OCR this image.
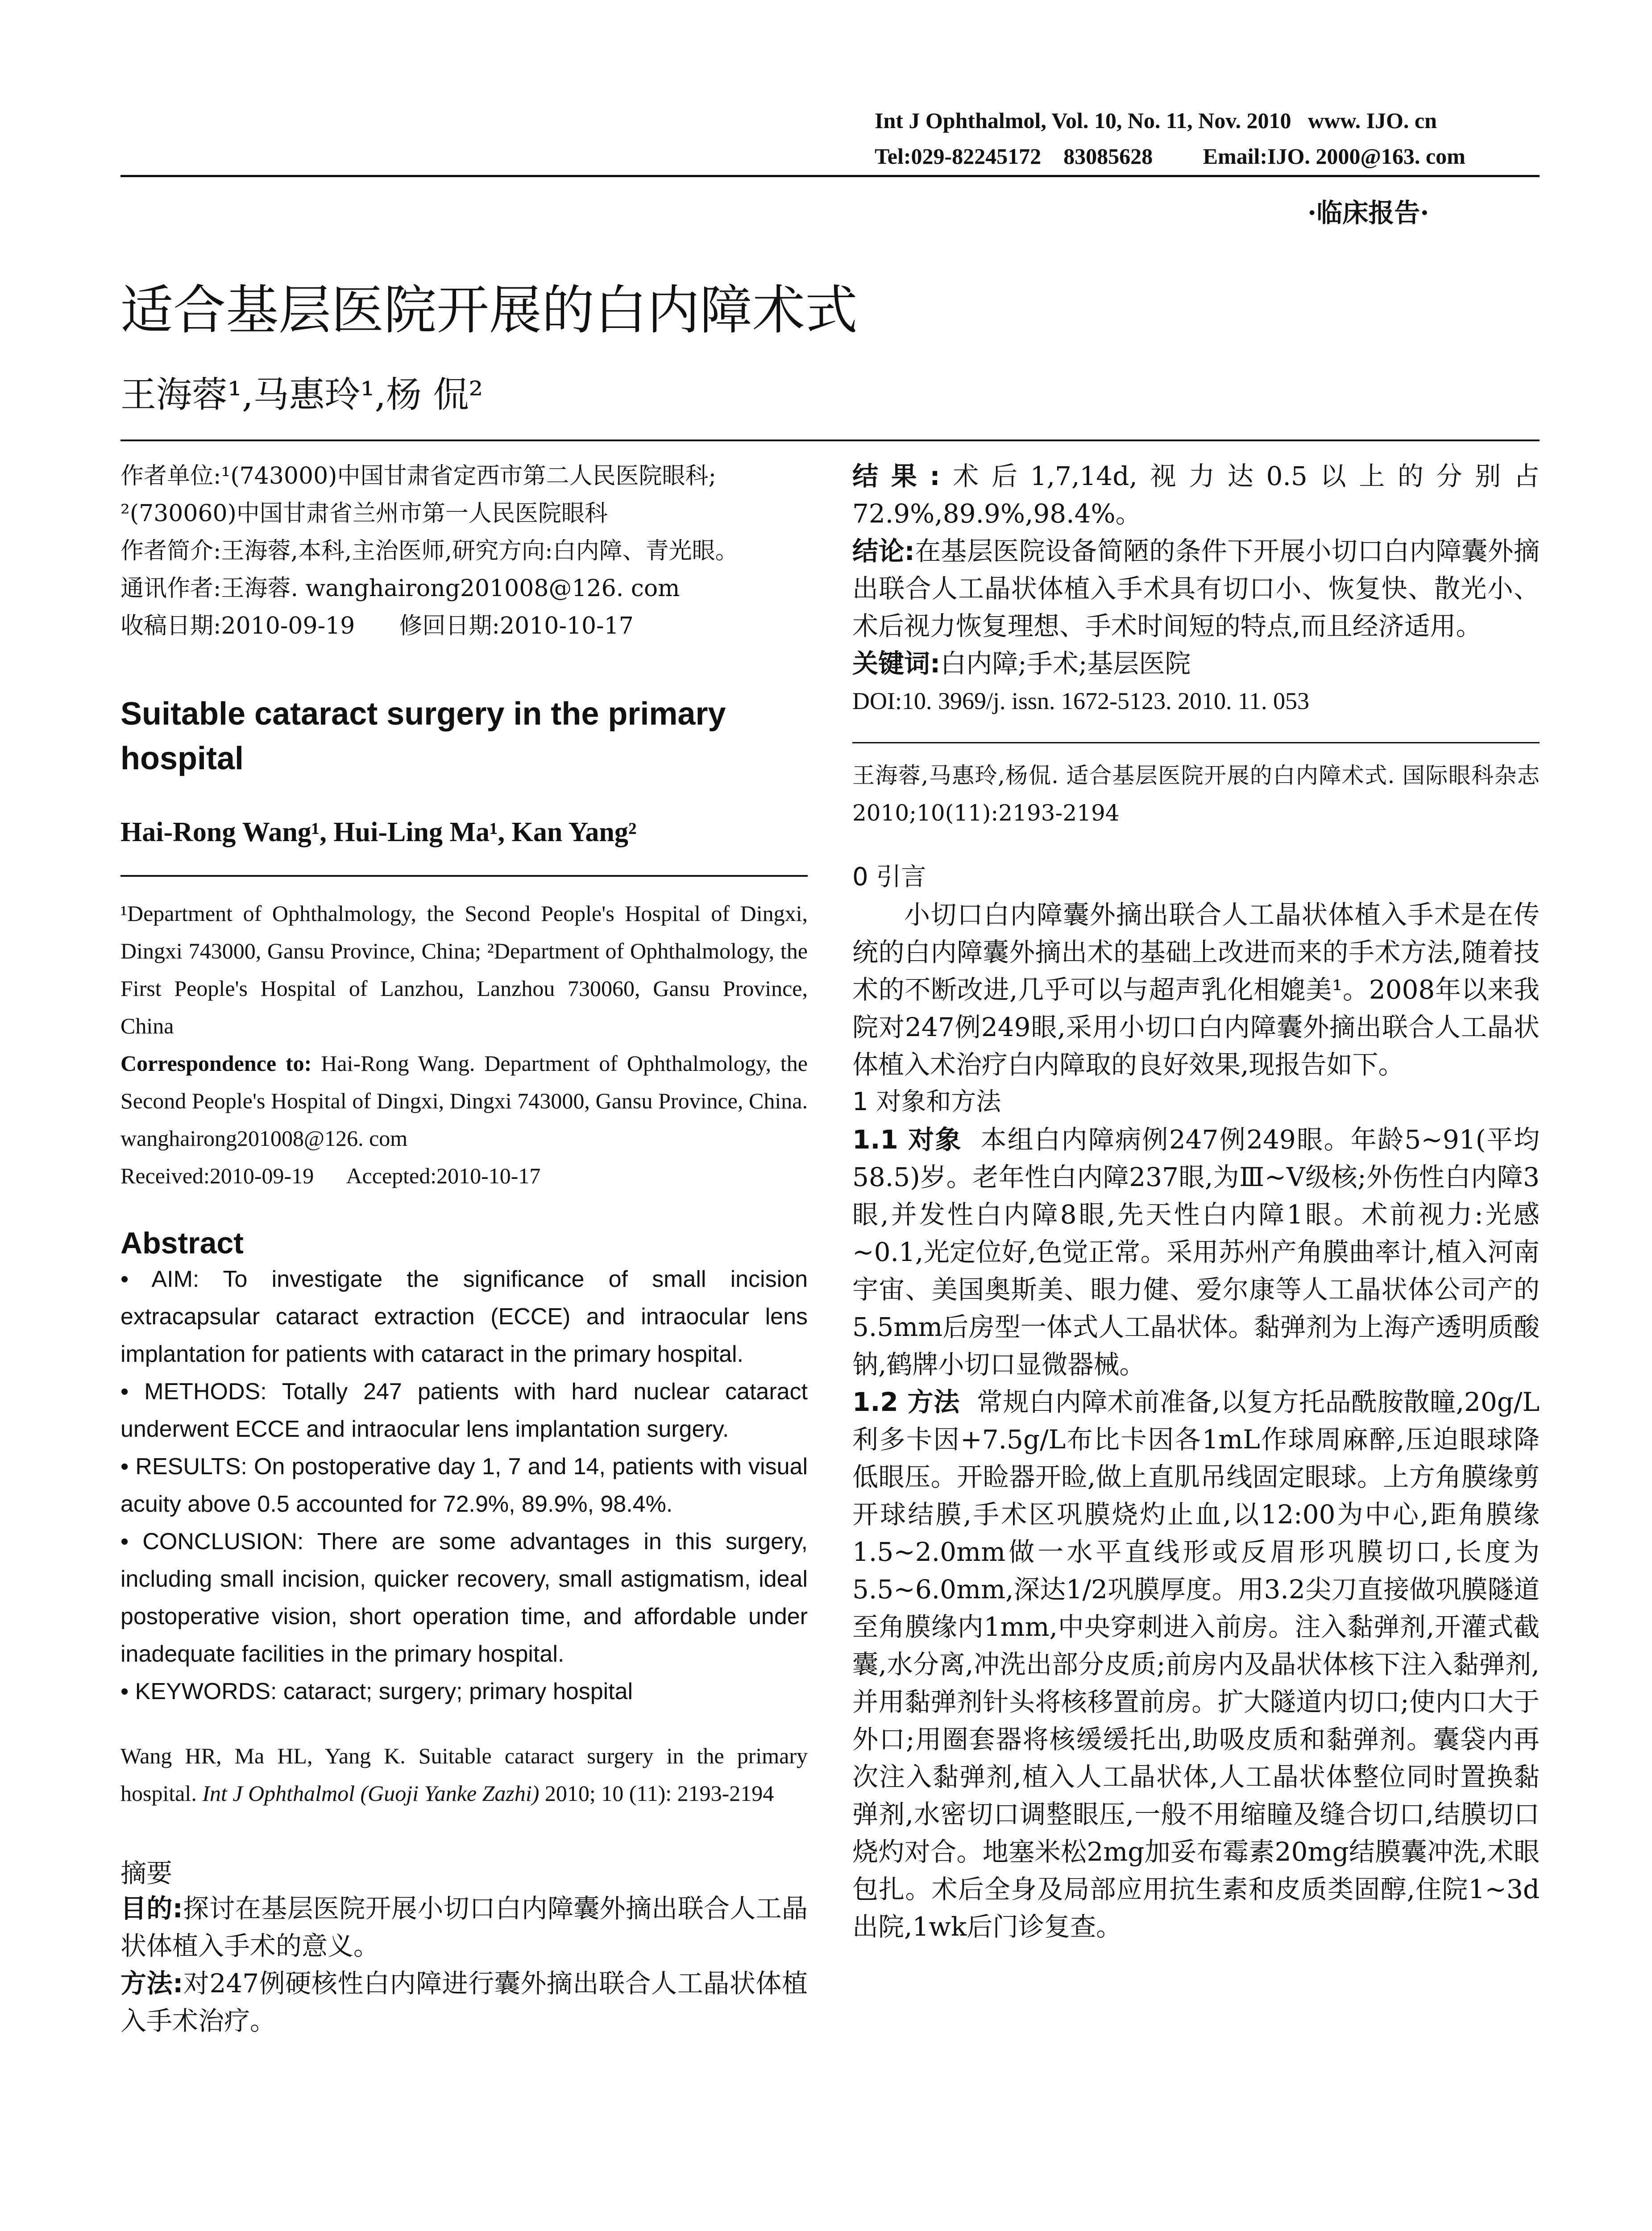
Int J Ophthalmol, Vol. 10, No. 11, Nov. 2010   www. IJO. cn
Tel:029-82245172    83085628         Email:IJO. 2000@163. com
·临床报告·
适合基层医院开展的白内障术式
王海蓉¹,马惠玲¹,杨 侃²
作者单位:¹(743000)中国甘肃省定西市第二人民医院眼科;
²(730060)中国甘肃省兰州市第一人民医院眼科
作者简介:王海蓉,本科,主治医师,研究方向:白内障、青光眼。
通讯作者:王海蓉. wanghairong201008@126. com
收稿日期:2010-09-19      修回日期:2010-10-17
Suitable cataract surgery in the primary hospital
Hai-Rong Wang¹, Hui-Ling Ma¹, Kan Yang²

¹Department of Ophthalmology, the Second People's Hospital of Dingxi, Dingxi 743000, Gansu Province, China; ²Department of Ophthalmology, the First People's Hospital of Lanzhou, Lanzhou 730060, Gansu Province, China

Correspondence to: Hai-Rong Wang. Department of Ophthalmology, the Second People's Hospital of Dingxi, Dingxi 743000, Gansu Province, China. wanghairong201008@126. com

Received:2010-09-19      Accepted:2010-10-17
Abstract

• AIM: To investigate the significance of small incision extracapsular cataract extraction (ECCE) and intraocular lens implantation for patients with cataract in the primary hospital.

• METHODS: Totally 247 patients with hard nuclear cataract underwent ECCE and intraocular lens implantation surgery.

• RESULTS: On postoperative day 1, 7 and 14, patients with visual acuity above 0.5 accounted for 72.9%, 89.9%, 98.4%.

• CONCLUSION: There are some advantages in this surgery, including small incision, quicker recovery, small astigmatism, ideal postoperative vision, short operation time, and affordable under inadequate facilities in the primary hospital.

• KEYWORDS: cataract; surgery; primary hospital

Wang HR, Ma HL, Yang K. Suitable cataract surgery in the primary hospital. Int J Ophthalmol (Guoji Yanke Zazhi) 2010; 10 (11): 2193-2194

摘要

目的:探讨在基层医院开展小切口白内障囊外摘出联合人工晶状体植入手术的意义。

方法:对247例硬核性白内障进行囊外摘出联合人工晶状体植入手术治疗。

结果:术后1,7,14d,视力达0.5以上的分别占72.9%,89.9%,98.4%。

结论:在基层医院设备简陋的条件下开展小切口白内障囊外摘出联合人工晶状体植入手术具有切口小、恢复快、散光小、术后视力恢复理想、手术时间短的特点,而且经济适用。

关键词:白内障;手术;基层医院

DOI:10. 3969/j. issn. 1672-5123. 2010. 11. 053

王海蓉,马惠玲,杨侃. 适合基层医院开展的白内障术式. 国际眼科杂志 2010;10(11):2193-2194

0 引言

小切口白内障囊外摘出联合人工晶状体植入手术是在传统的白内障囊外摘出术的基础上改进而来的手术方法,随着技术的不断改进,几乎可以与超声乳化相媲美¹。2008年以来我院对247例249眼,采用小切口白内障囊外摘出联合人工晶状体植入术治疗白内障取的良好效果,现报告如下。

1 对象和方法

1.1 对象 本组白内障病例247例249眼。年龄5~91(平均58.5)岁。老年性白内障237眼,为Ⅲ~Ⅴ级核;外伤性白内障3眼,并发性白内障8眼,先天性白内障1眼。术前视力:光感~0.1,光定位好,色觉正常。采用苏州产角膜曲率计,植入河南宇宙、美国奥斯美、眼力健、爱尔康等人工晶状体公司产的5.5mm后房型一体式人工晶状体。黏弹剂为上海产透明质酸钠,鹤牌小切口显微器械。

1.2 方法 常规白内障术前准备,以复方托品酰胺散瞳,20g/L利多卡因+7.5g/L布比卡因各1mL作球周麻醉,压迫眼球降低眼压。开睑器开睑,做上直肌吊线固定眼球。上方角膜缘剪开球结膜,手术区巩膜烧灼止血,以12:00为中心,距角膜缘1.5~2.0mm做一水平直线形或反眉形巩膜切口,长度为5.5~6.0mm,深达1/2巩膜厚度。用3.2尖刀直接做巩膜隧道至角膜缘内1mm,中央穿刺进入前房。注入黏弹剂,开灌式截囊,水分离,冲洗出部分皮质;前房内及晶状体核下注入黏弹剂,并用黏弹剂针头将核移置前房。扩大隧道内切口;使内口大于外口;用圈套器将核缓缓托出,助吸皮质和黏弹剂。囊袋内再次注入黏弹剂,植入人工晶状体,人工晶状体整位同时置换黏弹剂,水密切口调整眼压,一般不用缩瞳及缝合切口,结膜切口烧灼对合。地塞米松2mg加妥布霉素20mg结膜囊冲洗,术眼包扎。术后全身及局部应用抗生素和皮质类固醇,住院1~3d出院,1wk后门诊复查。
